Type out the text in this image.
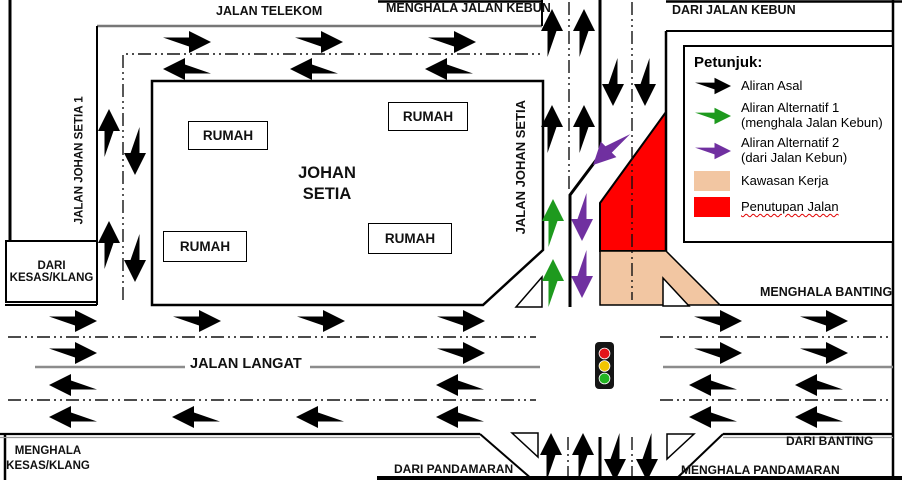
JALAN TELEKOM	MENGHALA JALAN KEBUN	DARI JALAN KEBUN
JALAN JOHAN SETIA 1	JALAN JOHAN SETIA
RUMAH
RUMAH
RUMAH
RUMAH
JOHAN
SETIA
DARI
KESAS/KLANG
MENGHALA
KESAS/KLANG
JALAN LANGAT
MENGHALA BANTING
DARI BANTING
DARI PANDAMARAN	MENGHALA PANDAMARAN
Petunjuk:
Aliran Asal
Aliran Alternatif 1
(menghala Jalan Kebun)
Aliran Alternatif 2
(dari Jalan Kebun)
Kawasan Kerja
Penutupan Jalan
